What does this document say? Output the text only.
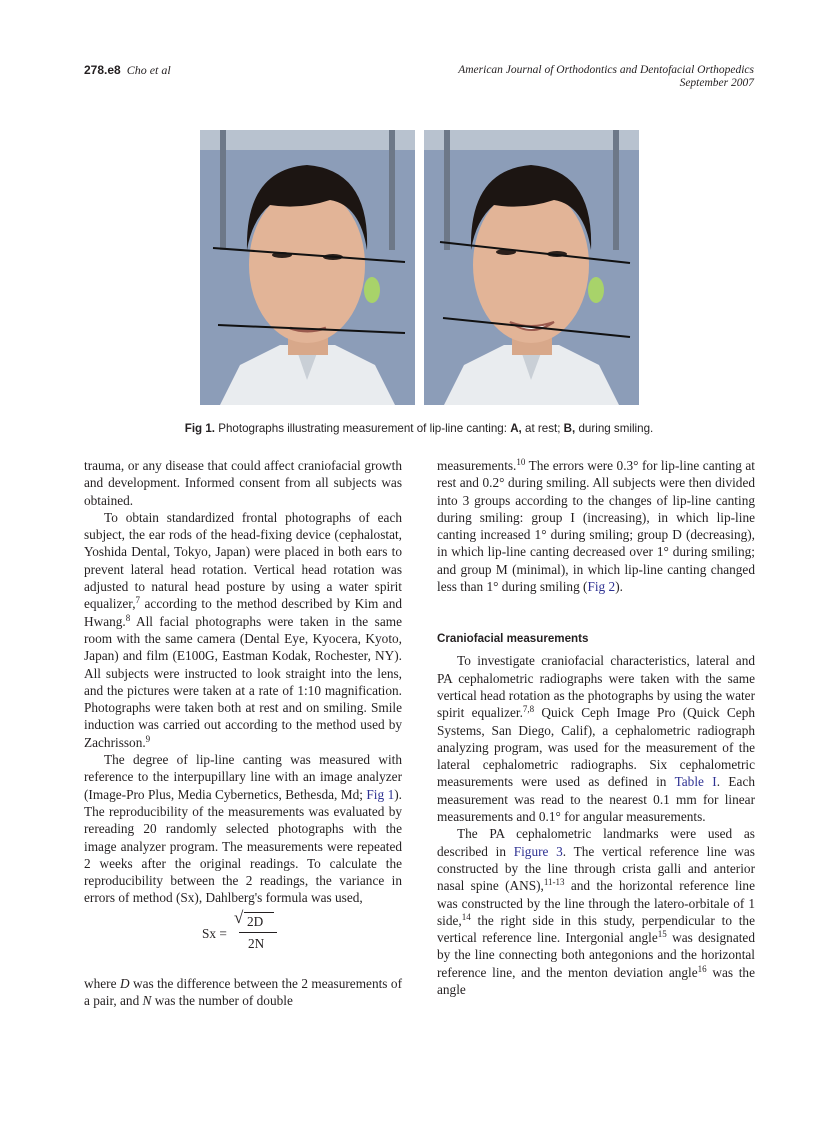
278.e8 Cho et al	American Journal of Orthodontics and Dentofacial Orthopedics
September 2007
Fig 1. Photographs illustrating measurement of lip-line canting: A, at rest; B, during smiling.

trauma, or any disease that could affect craniofacial growth and development. Informed consent from all subjects was obtained.

To obtain standardized frontal photographs of each subject, the ear rods of the head-fixing device (cephalostat, Yoshida Dental, Tokyo, Japan) were placed in both ears to prevent lateral head rotation. Vertical head rotation was adjusted to natural head posture by using a water spirit equalizer,$^7$ according to the method described by Kim and Hwang.$^8$ All facial photographs were taken in the same room with the same camera (Dental Eye, Kyocera, Kyoto, Japan) and film (E100G, Eastman Kodak, Rochester, NY). All subjects were instructed to look straight into the lens, and the pictures were taken at a rate of 1:10 magnification. Photographs were taken both at rest and on smiling. Smile induction was carried out according to the method used by Zachrisson.$^9$

The degree of lip-line canting was measured with reference to the interpupillary line with an image analyzer (Image-Pro Plus, Media Cybernetics, Bethesda, Md; Fig 1). The reproducibility of the measurements was evaluated by rereading 20 randomly selected photographs with the image analyzer program. The measurements were repeated 2 weeks after the original readings. To calculate the reproducibility between the 2 readings, the variance in errors of method (Sx), Dahlberg's formula was used,

Sx =
√ 2D
2N

where D was the difference between the 2 measurements of a pair, and N was the number of double

measurements.$^{10}$ The errors were 0.3° for lip-line canting at rest and 0.2° during smiling. All subjects were then divided into 3 groups according to the changes of lip-line canting during smiling: group I (increasing), in which lip-line canting increased 1° during smiling; group D (decreasing), in which lip-line canting decreased over 1° during smiling; and group M (minimal), in which lip-line canting changed less than 1° during smiling (Fig 2).

Craniofacial measurements

To investigate craniofacial characteristics, lateral and PA cephalometric radiographs were taken with the same vertical head rotation as the photographs by using the water spirit equalizer.$^{7,8}$ Quick Ceph Image Pro (Quick Ceph Systems, San Diego, Calif), a cephalometric radiograph analyzing program, was used for the measurement of the lateral cephalometric radiographs. Six cephalometric measurements were used as defined in Table I. Each measurement was read to the nearest 0.1 mm for linear measurements and 0.1° for angular measurements.

The PA cephalometric landmarks were used as described in Figure 3. The vertical reference line was constructed by the line through crista galli and anterior nasal spine (ANS),$^{11-13}$ and the horizontal reference line was constructed by the line through the latero-orbitale of 1 side,$^{14}$ the right side in this study, perpendicular to the vertical reference line. Intergonial angle$^{15}$ was designated by the line connecting both antegonions and the horizontal reference line, and the menton deviation angle$^{16}$ was the angle
